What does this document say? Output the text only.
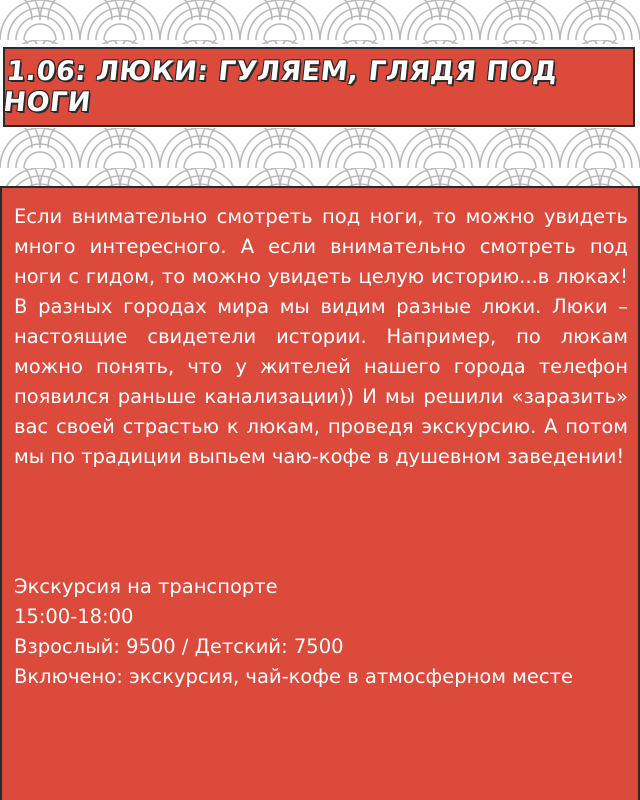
1.06: ЛЮКИ: ГУЛЯЕМ, ГЛЯДЯ ПОД НОГИ
Если внимательно смотреть под ноги, то можно увидеть много интересного. А если внимательно смотреть под ноги с гидом, то можно увидеть целую историю...в люках! В разных городах мира мы видим разные люки. Люки – настоящие свидетели истории. Например, по люкам можно понять, что у жителей нашего города телефон появился раньше канализации)) И мы решили «заразить» вас своей страстью к люкам, проведя экскурсию. А потом мы по традиции выпьем чаю-кофе в душевном заведении!
Экскурсия на транспорте
15:00-18:00
Взрослый: 9500 / Детский: 7500
Включено: экскурсия, чай-кофе в атмосферном месте
